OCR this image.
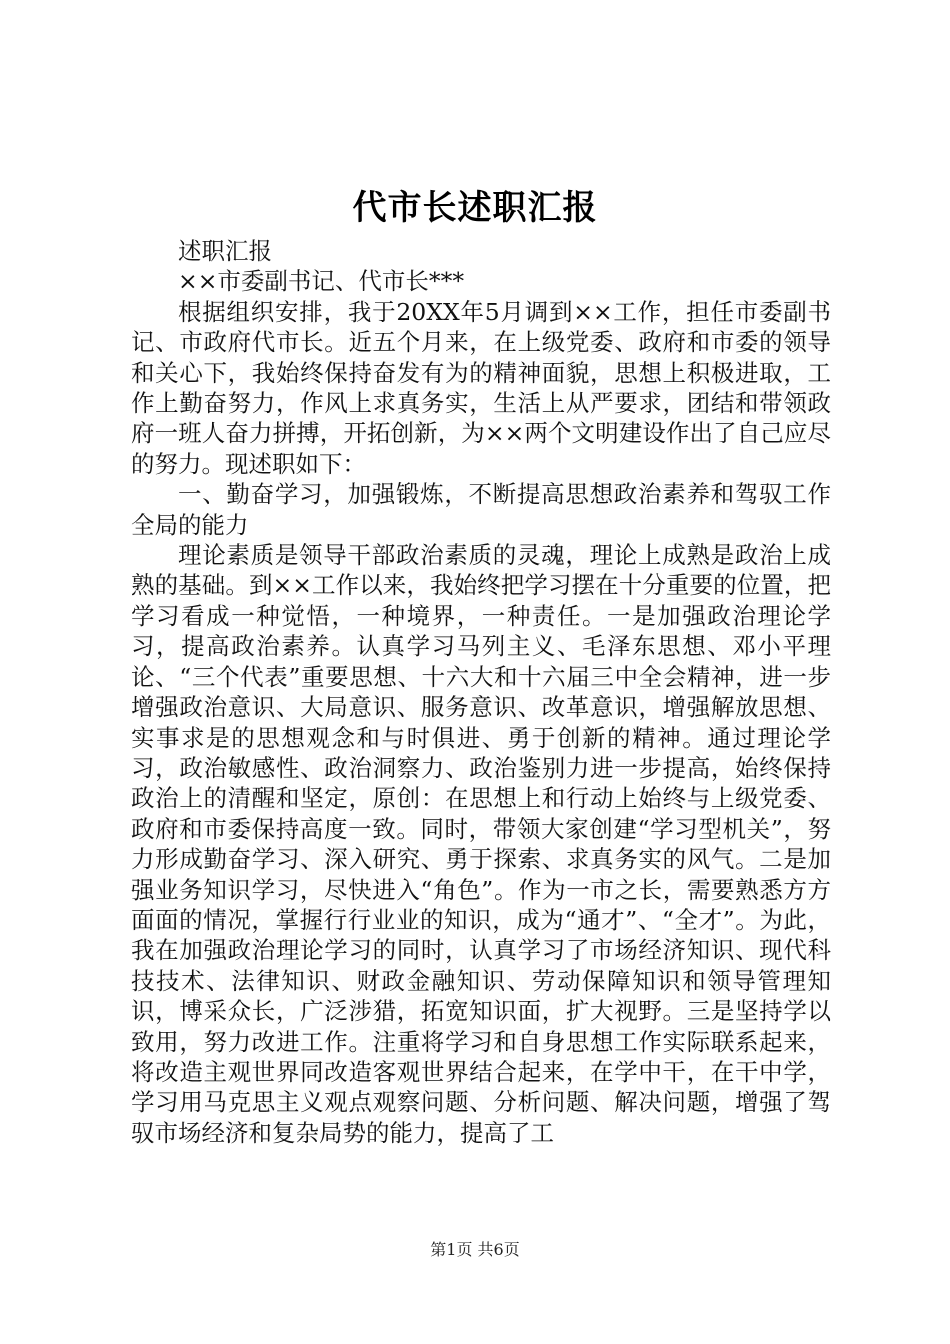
代市长述职汇报

述职汇报

××市委副书记、代市长***

根据组织安排，我于20XX年5月调到××工作，担任市委副书记、市政府代市长。近五个月来，在上级党委、政府和市委的领导和关心下，我始终保持奋发有为的精神面貌，思想上积极进取，工作上勤奋努力，作风上求真务实，生活上从严要求，团结和带领政府一班人奋力拼搏，开拓创新，为××两个文明建设作出了自己应尽的努力。现述职如下：

一、勤奋学习，加强锻炼，不断提高思想政治素养和驾驭工作全局的能力

理论素质是领导干部政治素质的灵魂，理论上成熟是政治上成熟的基础。到××工作以来，我始终把学习摆在十分重要的位置，把学习看成一种觉悟，一种境界，一种责任。一是加强政治理论学习，提高政治素养。认真学习马列主义、毛泽东思想、邓小平理论、“三个代表”重要思想、十六大和十六届三中全会精神，进一步增强政治意识、大局意识、服务意识、改革意识，增强解放思想、实事求是的思想观念和与时俱进、勇于创新的精神。通过理论学习，政治敏感性、政治洞察力、政治鉴别力进一步提高，始终保持政治上的清醒和坚定，原创：在思想上和行动上始终与上级党委、政府和市委保持高度一致。同时，带领大家创建“学习型机关”，努力形成勤奋学习、深入研究、勇于探索、求真务实的风气。二是加强业务知识学习，尽快进入“角色”。作为一市之长，需要熟悉方方面面的情况，掌握行行业业的知识，成为“通才”、“全才”。为此，我在加强政治理论学习的同时，认真学习了市场经济知识、现代科技技术、法律知识、财政金融知识、劳动保障知识和领导管理知识，博采众长，广泛涉猎，拓宽知识面，扩大视野。三是坚持学以致用，努力改进工作。注重将学习和自身思想工作实际联系起来，将改造主观世界同改造客观世界结合起来，在学中干，在干中学，学习用马克思主义观点观察问题、分析问题、解决问题，增强了驾驭市场经济和复杂局势的能力，提高了工

第1页 共6页
